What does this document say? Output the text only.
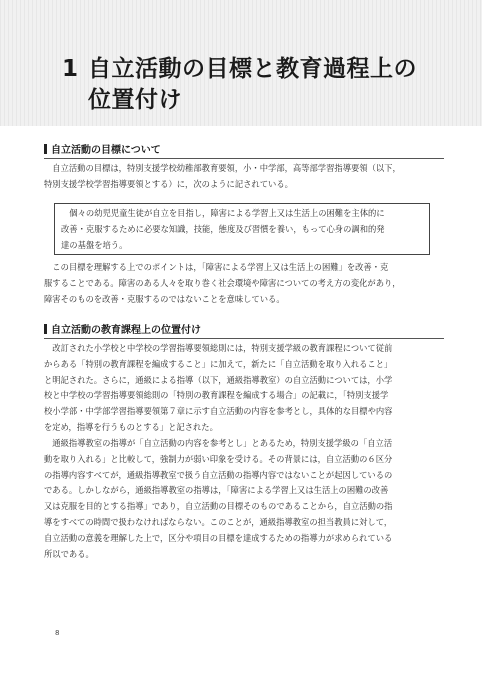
1 自立活動の目標と教育過程上の
位置付け
自立活動の目標について
　自立活動の目標は，特別支援学校幼稚部教育要領，小・中学部，高等部学習指導要領（以下，
特別支援学校学習指導要領とする）に，次のように記されている。
　個々の幼児児童生徒が自立を目指し，障害による学習上又は生活上の困難を主体的に
改善・克服するために必要な知識，技能，態度及び習慣を養い，もって心身の調和的発
達の基盤を培う。
　この目標を理解する上でのポイントは，「障害による学習上又は生活上の困難」を改善・克
服することである。障害のある人々を取り巻く社会環境や障害についての考え方の変化があり，
障害そのものを改善・克服するのではないことを意味している。
自立活動の教育課程上の位置付け
　改訂された小学校と中学校の学習指導要領総則には，特別支援学級の教育課程について従前
からある「特別の教育課程を編成すること」に加えて，新たに「自立活動を取り入れること」
と明記された。さらに，通級による指導（以下，通級指導教室）の自立活動については，小学
校と中学校の学習指導要領総則の「特別の教育課程を編成する場合」の記載に，「特別支援学
校小学部・中学部学習指導要領第７章に示す自立活動の内容を参考とし，具体的な目標や内容
を定め，指導を行うものとする」と記された。
　通級指導教室の指導が「自立活動の内容を参考とし」とあるため，特別支援学級の「自立活
動を取り入れる」と比較して，強制力が弱い印象を受ける。その背景には，自立活動の６区分
の指導内容すべてが，通級指導教室で扱う自立活動の指導内容ではないことが起因しているの
である。しかしながら，通級指導教室の指導は，「障害による学習上又は生活上の困難の改善
又は克服を目的とする指導」であり，自立活動の目標そのものであることから，自立活動の指
導をすべての時間で扱わなければならない。このことが，通級指導教室の担当教員に対して，
自立活動の意義を理解した上で，区分や項目の目標を達成するための指導力が求められている
所以である。
8
